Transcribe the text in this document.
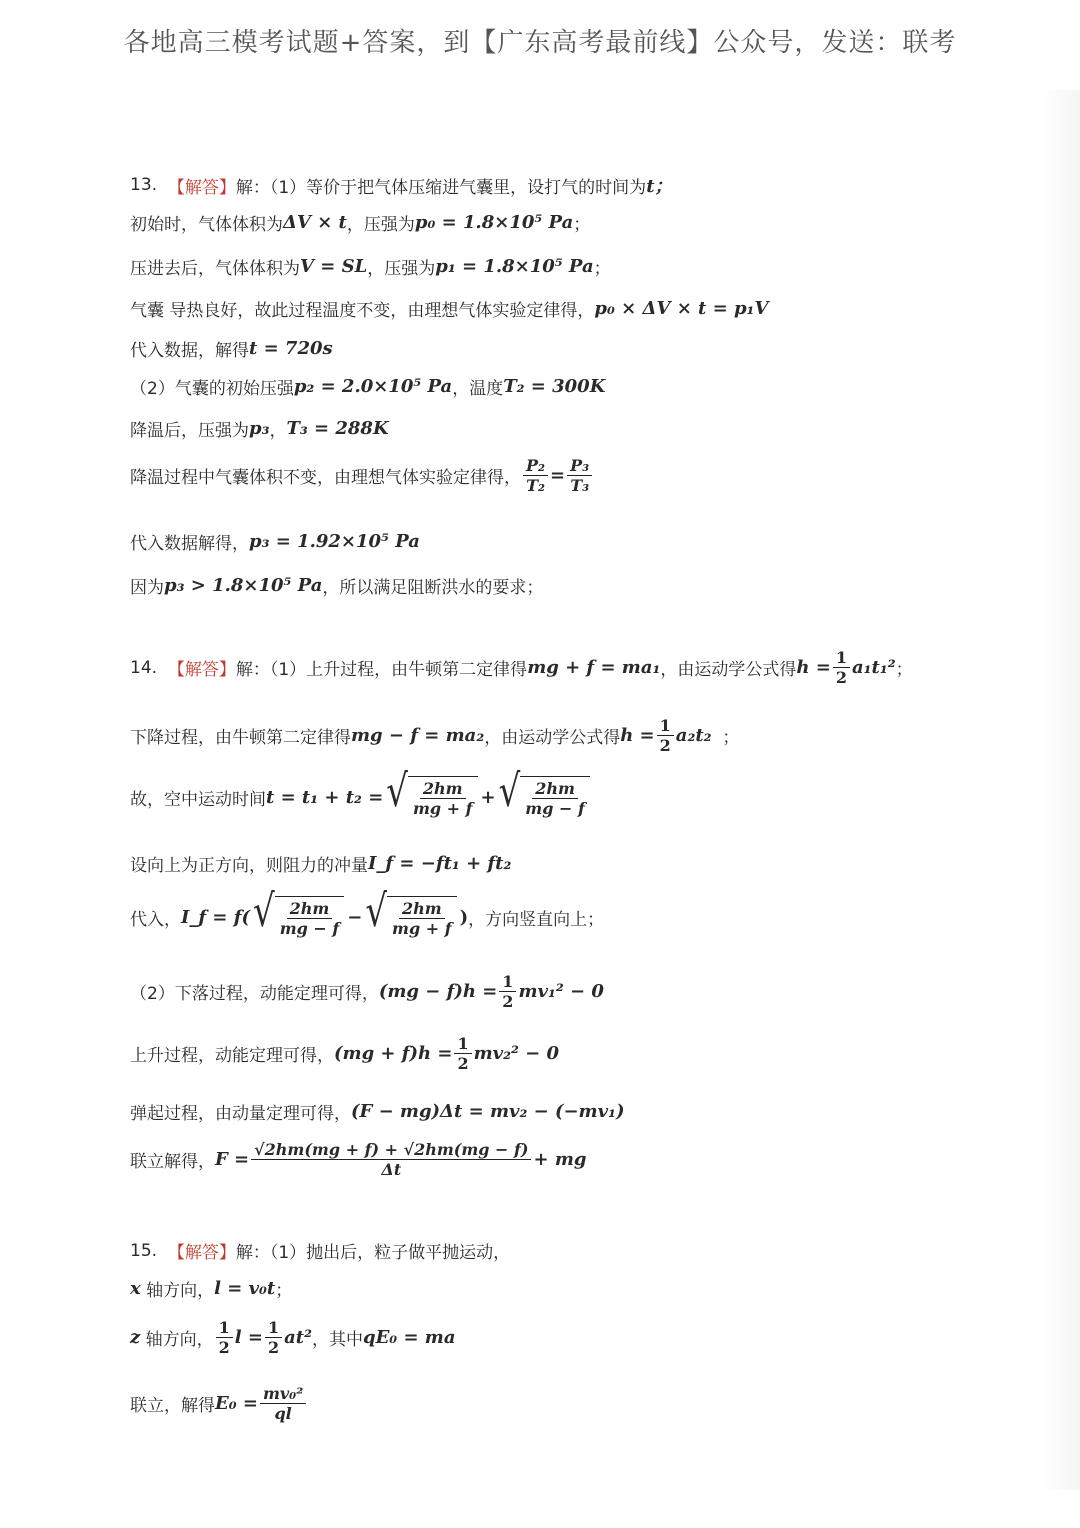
各地高三模考试题+答案，到【广东高考最前线】公众号，发送：联考
13.
【解答】 解：（1）等价于把气体压缩进气囊里，设打气的时间为 t；
初始时，气体体积为 ΔV × t ，压强为 p₀ = 1.8×10⁵ Pa ；
压进去后，气体体积为 V = SL ，压强为 p₁ = 1.8×10⁵ Pa ；
气囊 导热良好，故此过程温度不变，由理想气体实验定律得， p₀ × ΔV × t = p₁V
代入数据，解得 t = 720s
（2）气囊的初始压强 p₂ = 2.0×10⁵ Pa ，温度 T₂ = 300K
降温后，压强为 p₃ ， T₃ = 288K
降温过程中气囊体积不变，由理想气体实验定律得， $\frac{\text{P₂}}{\text{T₂}} = \frac{\text{P₃}}{\text{T₃}}$
代入数据解得， p₃ = 1.92×10⁵ Pa
因为 p₃ > 1.8×10⁵ Pa ，所以满足阻断洪水的要求；
14.
【解答】 解：（1）上升过程，由牛顿第二定律得 mg + f = ma₁ ，由运动学公式得 $h = \frac{1}{2} a_1t_1^2$ ；
下降过程，由牛顿第二定律得 mg − f = ma₂ ，由运动学公式得 $h = \frac{1}{2} a_2t_2$
；
故，空中运动时间 t = t₁ + t₂ = √ $\frac{2hm}{mg + f}$ + √ $\frac{2hm}{mg - f}$
设向上为正方向，则阻力的冲量 I_f = −ft₁ + ft₂
代入， I_f = f( √ $\frac{2hm}{mg - f}$ − √ $\frac{2hm}{mg + f}$ ) ，方向竖直向上；
（2）下落过程，动能定理可得， $(mg - f)h = \frac{1}{2} mv_1^2 - 0$
上升过程，动能定理可得， $(mg + f)h = \frac{1}{2} mv_2^2 - 0$
弹起过程，由动量定理可得， (F − mg)Δt = mv₂ − (−mv₁)
联立解得， $F = \frac{√2hm(mg + f) + √2hm(mg - f)}{\Delta t}$ + mg
15.
【解答】 解：（1）抛出后，粒子做平抛运动，
x
轴方向， l = v₀t ；
z
轴方向， $\frac{1}{2}$ $l = \frac{1}{2} at^2$ ，其中 qE₀ = ma
联立，解得 $E_0 = \frac{\text{mv₀²}}{ql}$
